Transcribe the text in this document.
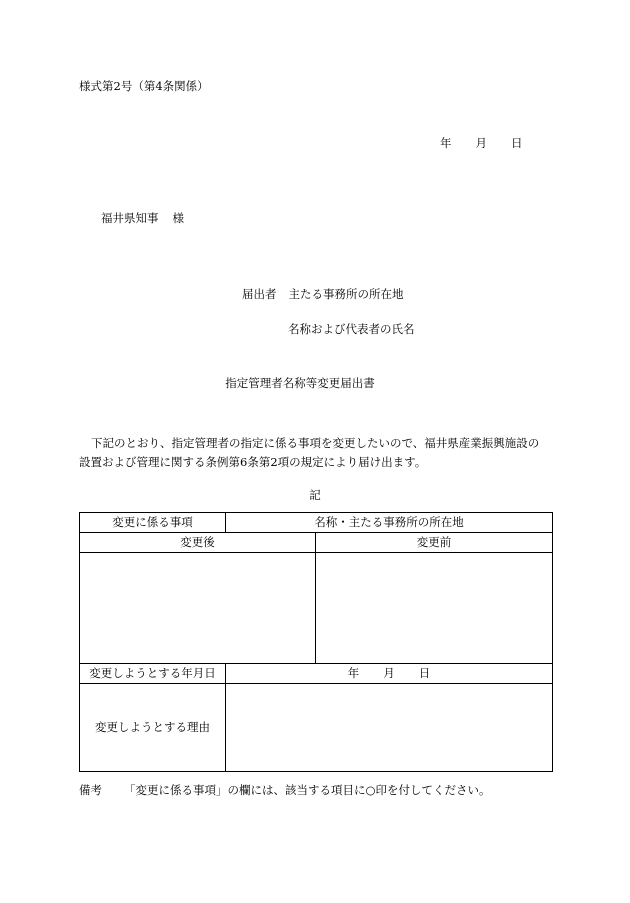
様式第2号（第4条関係）
年 月 日
福井県知事 様
届出者 主たる事務所の所在地
名称および代表者の氏名
指定管理者名称等変更届出書

下記のとおり、指定管理者の指定に係る事項を変更したいので、福井県産業振興施設の

設置および管理に関する条例第6条第2項の規定により届け出ます。

記
変更に係る事項	名称・主たる事務所の所在地	
変更後		変更前

変更しようとする年月日	年 月 日	
変更しようとする理由		
備考 「変更に係る事項」の欄には、該当する項目に○印を付してください。
